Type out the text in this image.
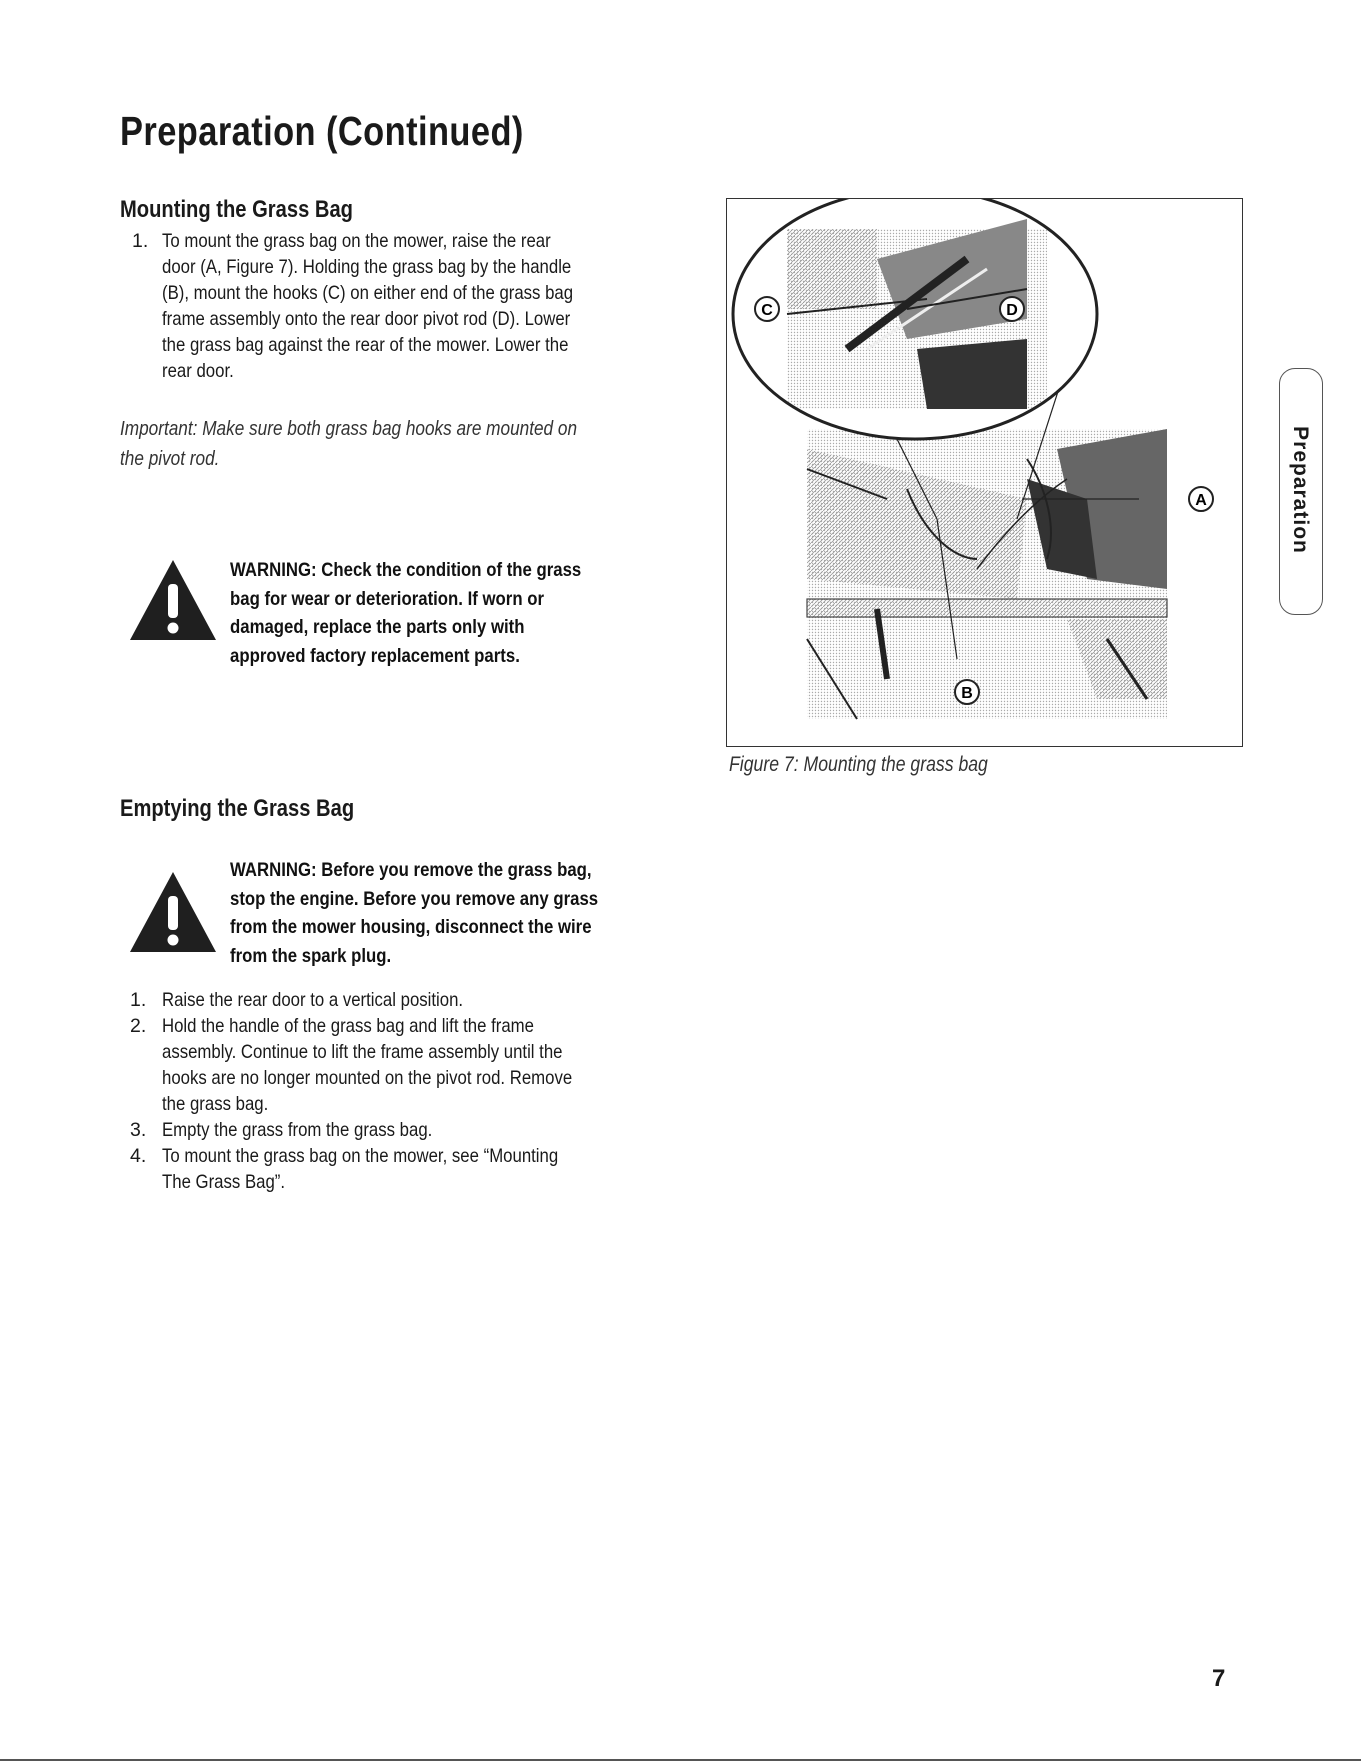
Preparation (Continued)
Mounting the Grass Bag
1. To mount the grass bag on the mower, raise the rear
door (A, Figure 7). Holding the grass bag by the handle
(B), mount the hooks (C) on either end of the grass bag
frame assembly onto the rear door pivot rod (D). Lower
the grass bag against the rear of the mower. Lower the
rear door.
Important: Make sure both grass bag hooks are mounted on
the pivot rod.
WARNING: Check the condition of the grass
bag for wear or deterioration. If worn or
damaged, replace the parts only with
approved factory replacement parts.
C	D
A
B
Figure 7: Mounting the grass bag
Emptying the Grass Bag
WARNING: Before you remove the grass bag,
stop the engine. Before you remove any grass
from the mower housing, disconnect the wire
from the spark plug.
1. Raise the rear door to a vertical position.
2. Hold the handle of the grass bag and lift the frame
assembly. Continue to lift the frame assembly until the
hooks are no longer mounted on the pivot rod. Remove
the grass bag.
3. Empty the grass from the grass bag.
4. To mount the grass bag on the mower, see “Mounting
The Grass Bag”.
Preparation
7
